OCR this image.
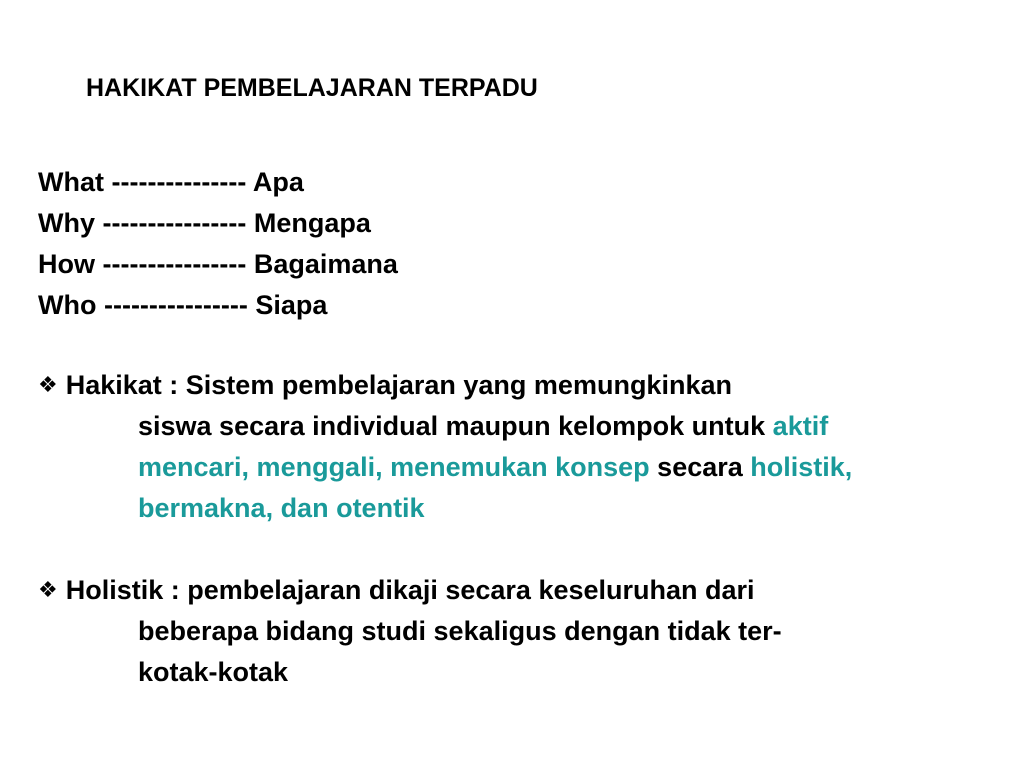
HAKIKAT PEMBELAJARAN TERPADU
What --------------- Apa
Why ---------------- Mengapa
How ---------------- Bagaimana
Who ---------------- Siapa
❖ Hakikat : Sistem pembelajaran yang memungkinkan
siswa secara individual maupun kelompok untuk aktif
mencari, menggali, menemukan konsep secara holistik,
bermakna, dan otentik
❖ Holistik : pembelajaran dikaji secara keseluruhan dari
beberapa bidang studi sekaligus dengan tidak ter-
kotak-kotak
